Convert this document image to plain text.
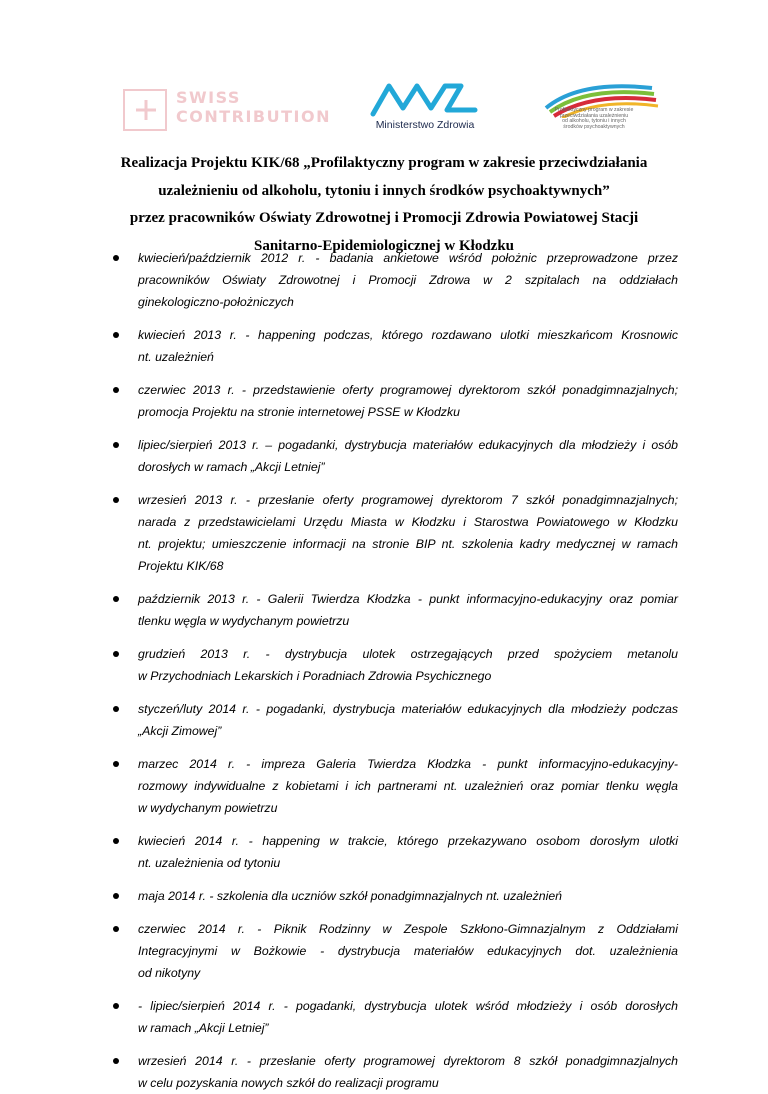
SWISS
CONTRIBUTION	Ministerstwo Zdrowia
Profilaktyczny program w zakresie
przeciwdziałania uzależnieniu
od alkoholu, tytoniu i innych
środków psychoaktywnych
Realizacja Projektu KIK/68 „Profilaktyczny program w zakresie przeciwdziałania
uzależnieniu od alkoholu, tytoniu i innych środków psychoaktywnych”
przez pracowników Oświaty Zdrowotnej i Promocji Zdrowia Powiatowej Stacji
Sanitarno-Epidemiologicznej w Kłodzku
kwiecień/październik 2012 r. - badania ankietowe wśród położnic przeprowadzone przez
pracowników Oświaty Zdrowotnej i Promocji Zdrowa w 2 szpitalach na oddziałach
ginekologiczno-położniczych
kwiecień 2013 r. - happening podczas, którego rozdawano ulotki mieszkańcom Krosnowic
nt. uzależnień
czerwiec 2013 r. - przedstawienie oferty programowej dyrektorom szkół ponadgimnazjalnych;
promocja Projektu na stronie internetowej PSSE w Kłodzku
lipiec/sierpień 2013 r. – pogadanki, dystrybucja materiałów edukacyjnych dla młodzieży i osób
dorosłych w ramach „Akcji Letniej”
wrzesień 2013 r. - przesłanie oferty programowej dyrektorom 7 szkół ponadgimnazjalnych;
narada z przedstawicielami Urzędu Miasta w Kłodzku i Starostwa Powiatowego w Kłodzku
nt. projektu; umieszczenie informacji na stronie BIP nt. szkolenia kadry medycznej w ramach
Projektu KIK/68
październik 2013 r. - Galerii Twierdza Kłodzka - punkt informacyjno-edukacyjny oraz pomiar
tlenku węgla w wydychanym powietrzu
grudzień 2013 r. - dystrybucja ulotek ostrzegających przed spożyciem metanolu
w Przychodniach Lekarskich i Poradniach Zdrowia Psychicznego
styczeń/luty 2014 r. - pogadanki, dystrybucja materiałów edukacyjnych dla młodzieży podczas
„Akcji Zimowej”
marzec 2014 r. - impreza Galeria Twierdza Kłodzka - punkt informacyjno-edukacyjny-
rozmowy indywidualne z kobietami i ich partnerami nt. uzależnień oraz pomiar tlenku węgla
w wydychanym powietrzu
kwiecień 2014 r. - happening w trakcie, którego przekazywano osobom dorosłym ulotki
nt. uzależnienia od tytoniu
maja 2014 r. - szkolenia dla uczniów szkół ponadgimnazjalnych nt. uzależnień
czerwiec 2014 r. - Piknik Rodzinny w Zespole Szkłono-Gimnazjalnym z Oddziałami
Integracyjnymi w Bożkowie - dystrybucja materiałów edukacyjnych dot. uzależnienia
od nikotyny
- lipiec/sierpień 2014 r. - pogadanki, dystrybucja ulotek wśród młodzieży i osób dorosłych
w ramach „Akcji Letniej”
wrzesień 2014 r. - przesłanie oferty programowej dyrektorom 8 szkół ponadgimnazjalnych
w celu pozyskania nowych szkół do realizacji programu
